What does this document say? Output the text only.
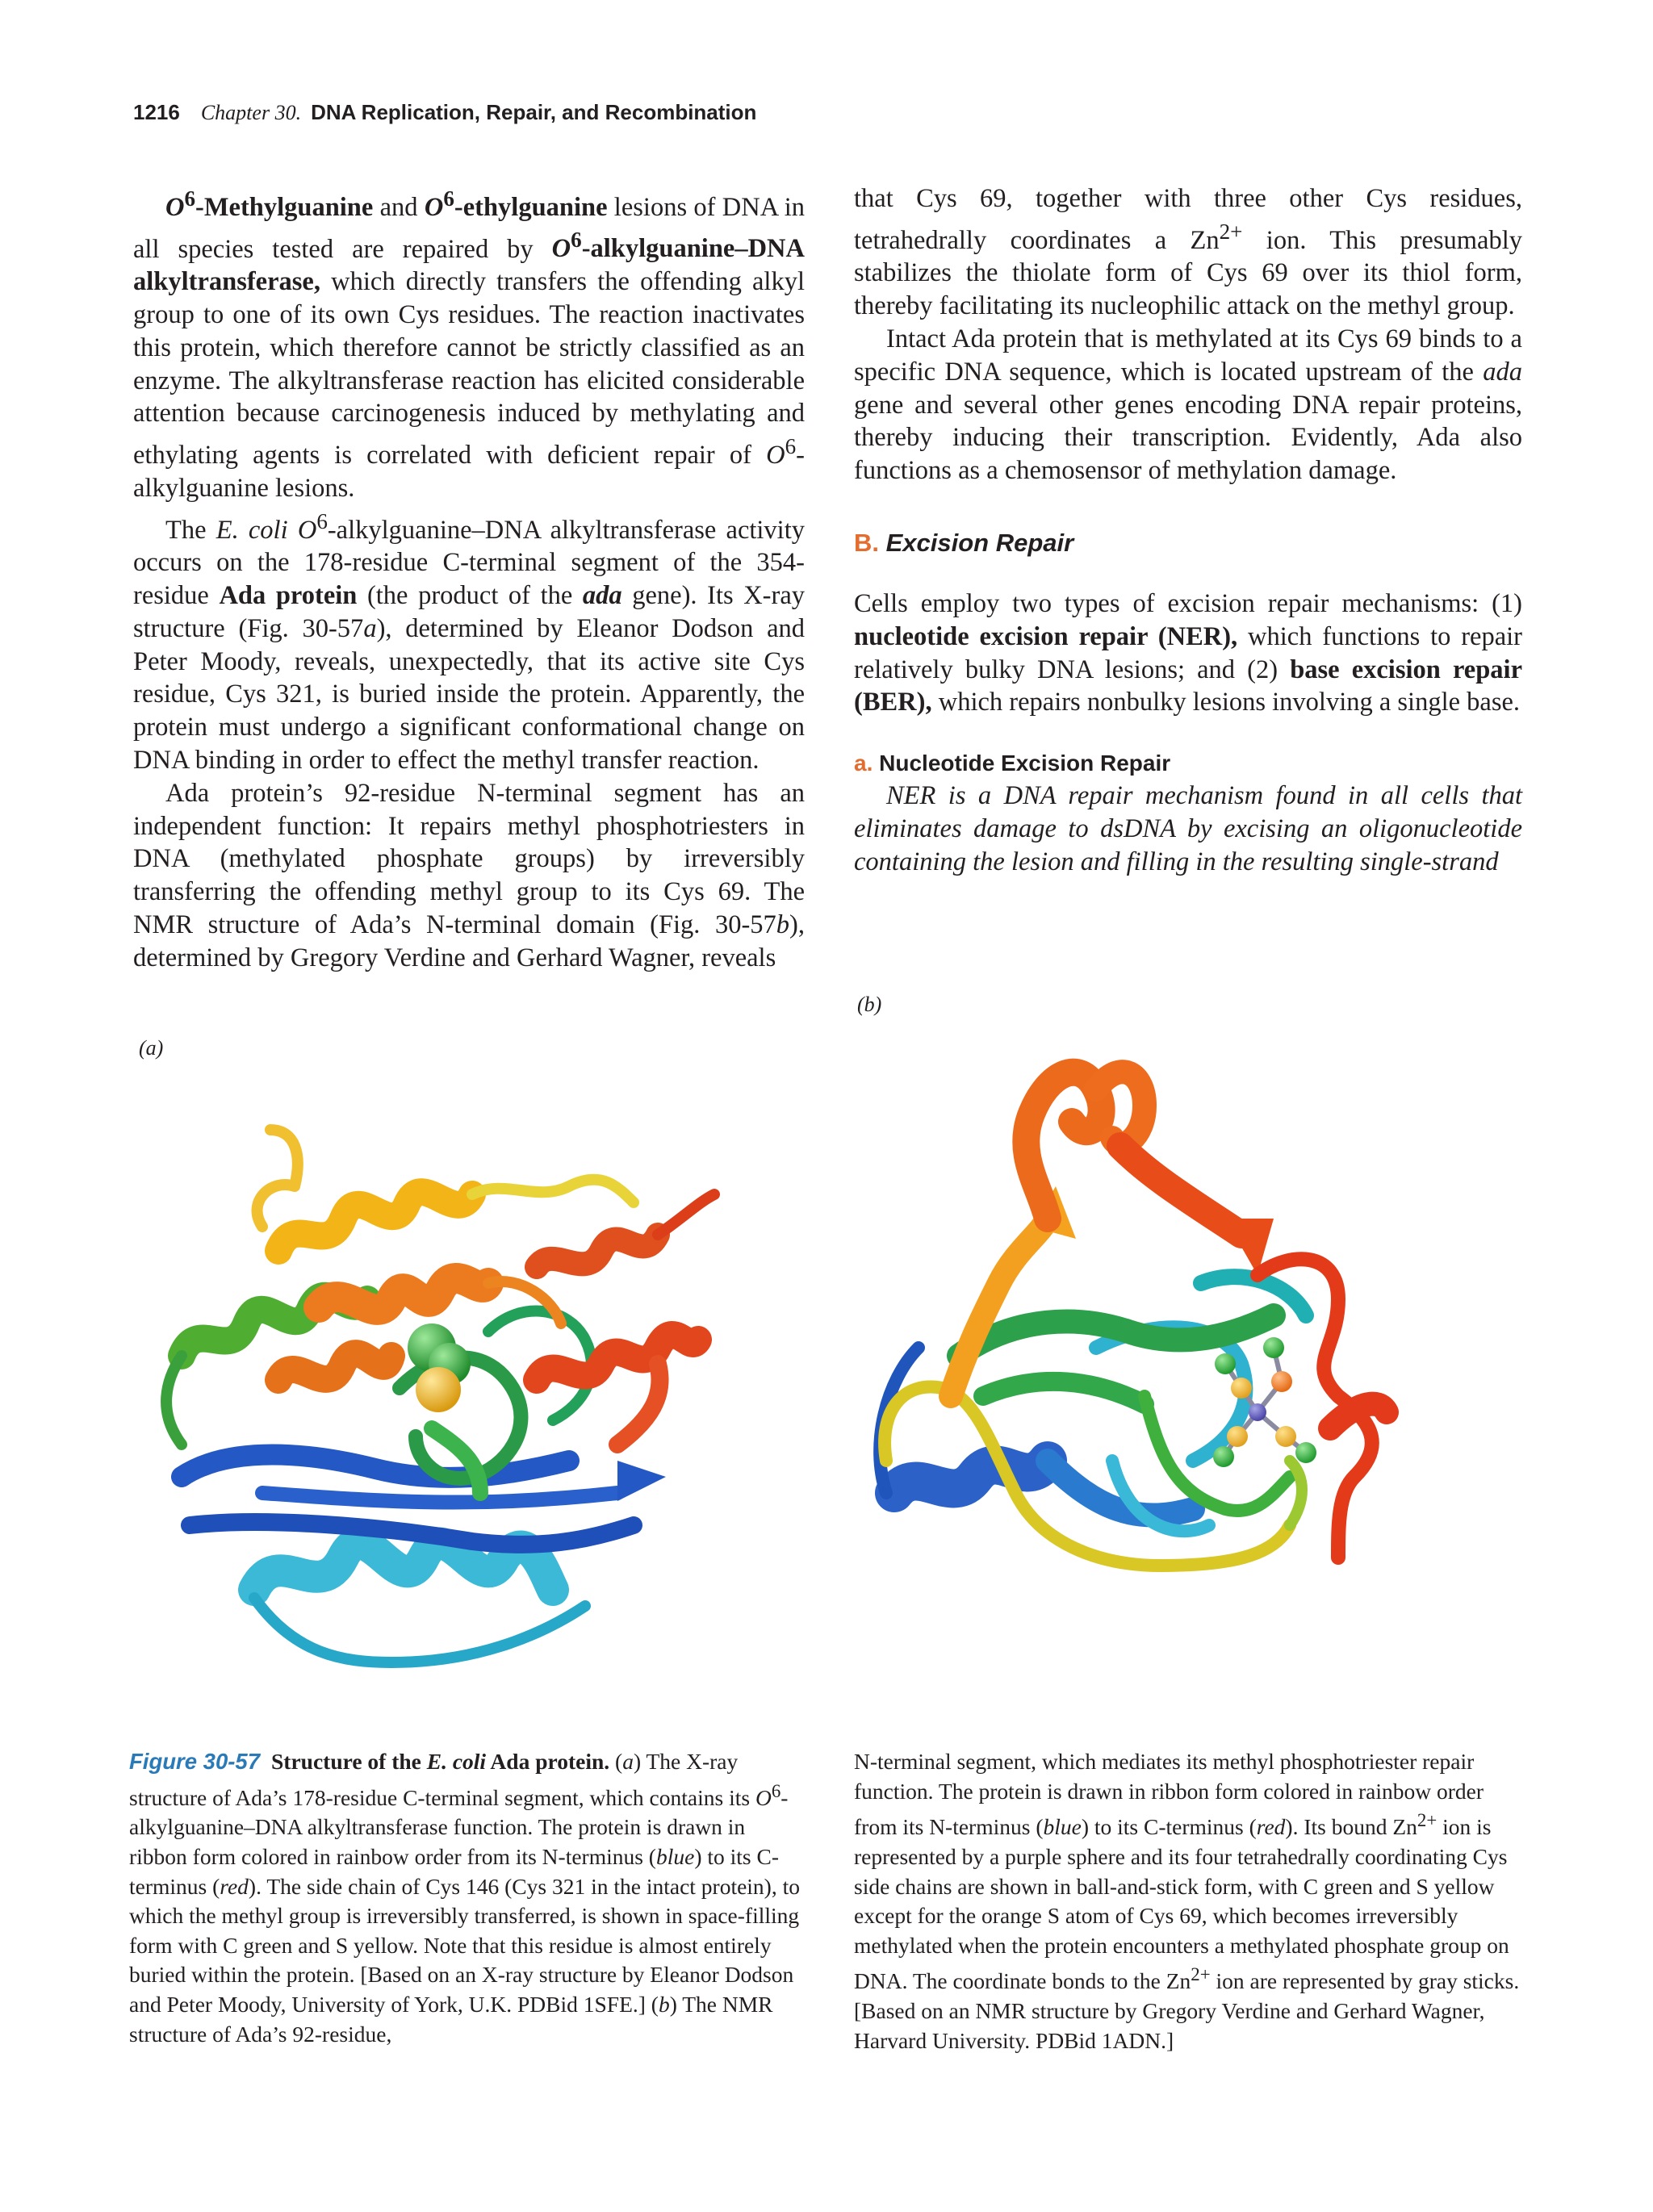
1216 Chapter 30. DNA Replication, Repair, and Recombination

$O^6$-Methylguanine and $O^6$-ethylguanine lesions of DNA in all species tested are repaired by $O^6-alkylguanine$–DNA alkyltransferase, which directly transfers the offending alkyl group to one of its own Cys residues. The reaction inactivates this protein, which therefore cannot be strictly classified as an enzyme. The alkyltransferase reaction has elicited considerable attention because carcinogenesis induced by methylating and ethylating agents is correlated with deficient repair of $O^6$-alkylguanine lesions.

The E. coli $O^6-alkylguanine$–DNA alkyltransferase activity occurs on the 178-residue C-terminal segment of the 354-residue Ada protein (the product of the ada gene). Its X-ray structure (Fig. 30-57a), determined by Eleanor Dodson and Peter Moody, reveals, unexpectedly, that its active site Cys residue, Cys 321, is buried inside the protein. Apparently, the protein must undergo a significant conformational change on DNA binding in order to effect the methyl transfer reaction.

Ada protein’s 92-residue N-terminal segment has an independent function: It repairs methyl phosphotriesters in DNA (methylated phosphate groups) by irreversibly transferring the offending methyl group to its Cys 69. The NMR structure of Ada’s N-terminal domain (Fig. 30-57b), determined by Gregory Verdine and Gerhard Wagner, reveals

that Cys 69, together with three other Cys residues, tetrahedrally coordinates a $Zn^{2+}$ ion. This presumably stabilizes the thiolate form of Cys 69 over its thiol form, thereby facilitating its nucleophilic attack on the methyl group.

Intact Ada protein that is methylated at its Cys 69 binds to a specific DNA sequence, which is located upstream of the ada gene and several other genes encoding DNA repair proteins, thereby inducing their transcription. Evidently, Ada also functions as a chemosensor of methylation damage.

B. Excision Repair

Cells employ two types of excision repair mechanisms: (1) nucleotide excision repair (NER), which functions to repair relatively bulky DNA lesions; and (2) base excision repair (BER), which repairs nonbulky lesions involving a single base.

a. Nucleotide Excision Repair

NER is a DNA repair mechanism found in all cells that eliminates damage to dsDNA by excising an oligonucleotide containing the lesion and filling in the resulting single-strand

(a)
(b)

Figure 30-57 Structure of the E. coli Ada protein. (a) The X-ray structure of Ada’s 178-residue C-terminal segment, which contains its $O^6-alkylguanine$–DNA alkyltransferase function. The protein is drawn in ribbon form colored in rainbow order from its N-terminus (blue) to its C-terminus (red). The side chain of Cys 146 (Cys 321 in the intact protein), to which the methyl group is irreversibly transferred, is shown in space-filling form with C green and S yellow. Note that this residue is almost entirely buried within the protein. [Based on an X-ray structure by Eleanor Dodson and Peter Moody, University of York, U.K. PDBid 1SFE.] (b) The NMR structure of Ada’s 92-residue,

N-terminal segment, which mediates its methyl phosphotriester repair function. The protein is drawn in ribbon form colored in rainbow order from its N-terminus (blue) to its C-terminus (red). Its bound $Zn^{2+}$ ion is represented by a purple sphere and its four tetrahedrally coordinating Cys side chains are shown in ball-and-stick form, with C green and S yellow except for the orange S atom of Cys 69, which becomes irreversibly methylated when the protein encounters a methylated phosphate group on DNA. The coordinate bonds to the $Zn^{2+}$ ion are represented by gray sticks. [Based on an NMR structure by Gregory Verdine and Gerhard Wagner, Harvard University. PDBid 1ADN.]
